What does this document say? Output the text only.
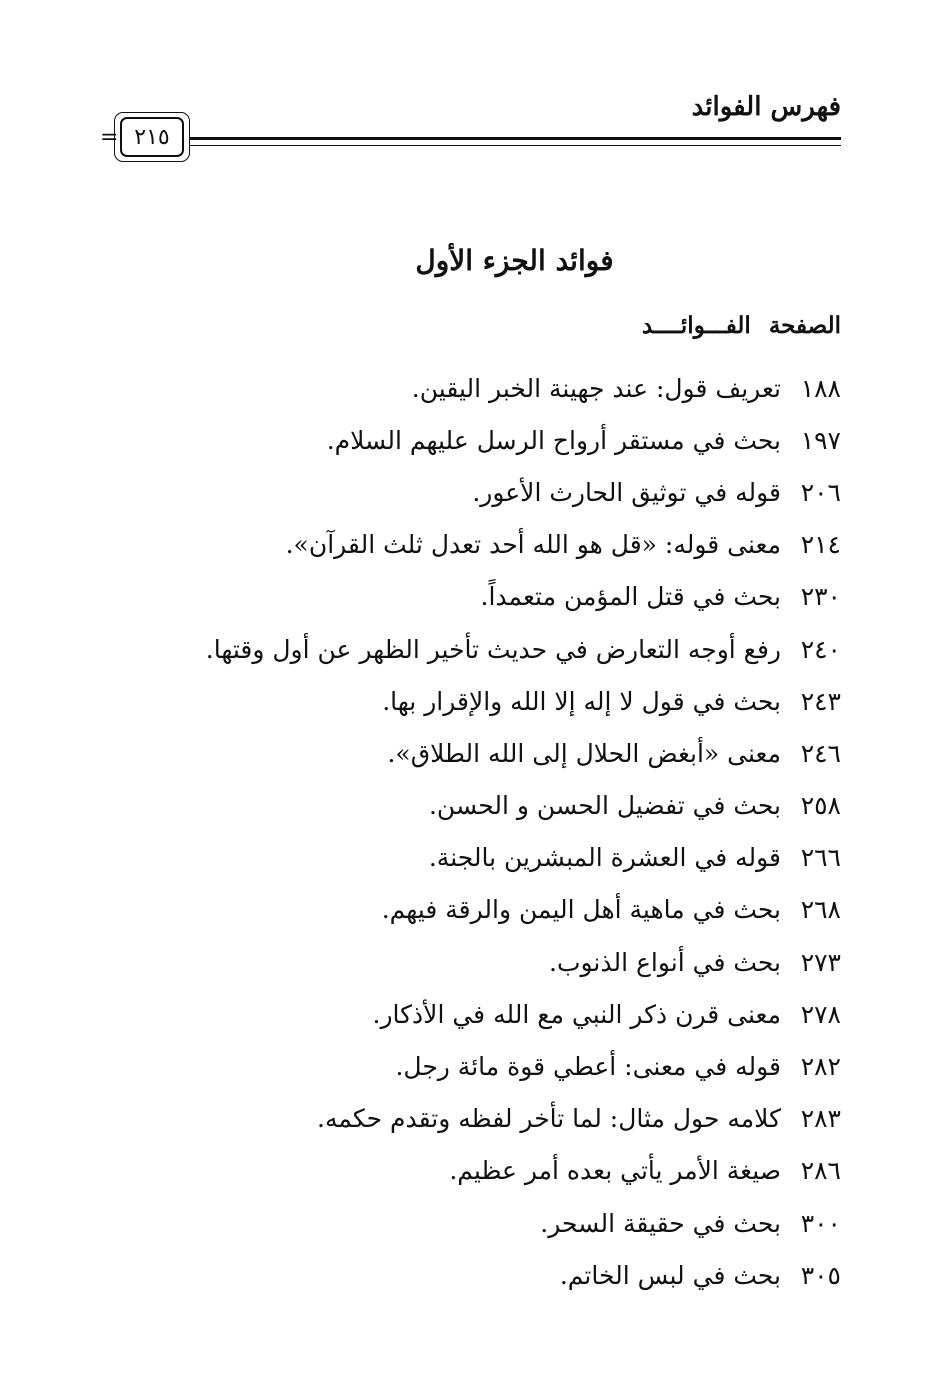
فهرس الفوائد
٢١٥
=
فوائد الجزء الأول
الصفحة الفـــوائــــد
١٨٨
تعريف قول: عند جهينة الخبر اليقين.
١٩٧
بحث في مستقر أرواح الرسل عليهم السلام.
٢٠٦
قوله في توثيق الحارث الأعور.
٢١٤
معنى قوله: «قل هو الله أحد تعدل ثلث القرآن».
٢٣٠
بحث في قتل المؤمن متعمداً.
٢٤٠
رفع أوجه التعارض في حديث تأخير الظهر عن أول وقتها.
٢٤٣
بحث في قول لا إله إلا الله والإقرار بها.
٢٤٦
معنى «أبغض الحلال إلى الله الطلاق».
٢٥٨
بحث في تفضيل الحسن و الحسن.
٢٦٦
قوله في العشرة المبشرين بالجنة.
٢٦٨
بحث في ماهية أهل اليمن والرقة فيهم.
٢٧٣
بحث في أنواع الذنوب.
٢٧٨
معنى قرن ذكر النبي مع الله في الأذكار.
٢٨٢
قوله في معنى: أعطي قوة مائة رجل.
٢٨٣
كلامه حول مثال: لما تأخر لفظه وتقدم حكمه.
٢٨٦
صيغة الأمر يأتي بعده أمر عظيم.
٣٠٠
بحث في حقيقة السحر.
٣٠٥
بحث في لبس الخاتم.
